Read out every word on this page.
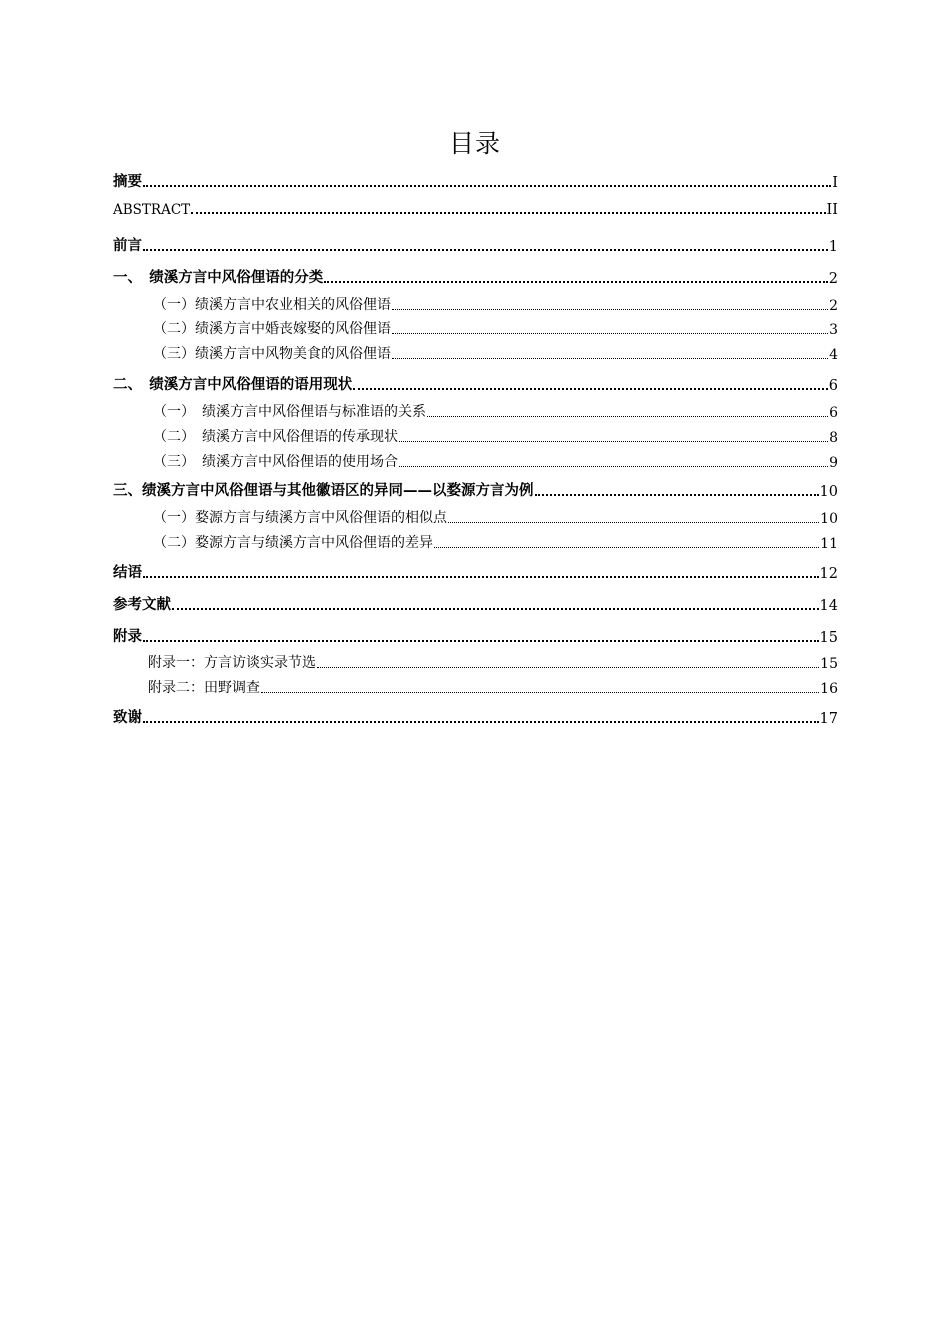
目录
摘要	I
ABSTRACT	II
前言	1
一、　绩溪方言中风俗俚语的分类	2
（一）绩溪方言中农业相关的风俗俚语	2
（二）绩溪方言中婚丧嫁娶的风俗俚语	3
（三）绩溪方言中风物美食的风俗俚语	4
二、　绩溪方言中风俗俚语的语用现状	6
（一）　绩溪方言中风俗俚语与标准语的关系	6
（二）　绩溪方言中风俗俚语的传承现状	8
（三）　绩溪方言中风俗俚语的使用场合	9
三、绩溪方言中风俗俚语与其他徽语区的异同——以婺源方言为例	10
（一）婺源方言与绩溪方言中风俗俚语的相似点	10
（二）婺源方言与绩溪方言中风俗俚语的差异	11
结语	12
参考文献	14
附录	15
附录一：方言访谈实录节选	15
附录二：田野调查	16
致谢	17
